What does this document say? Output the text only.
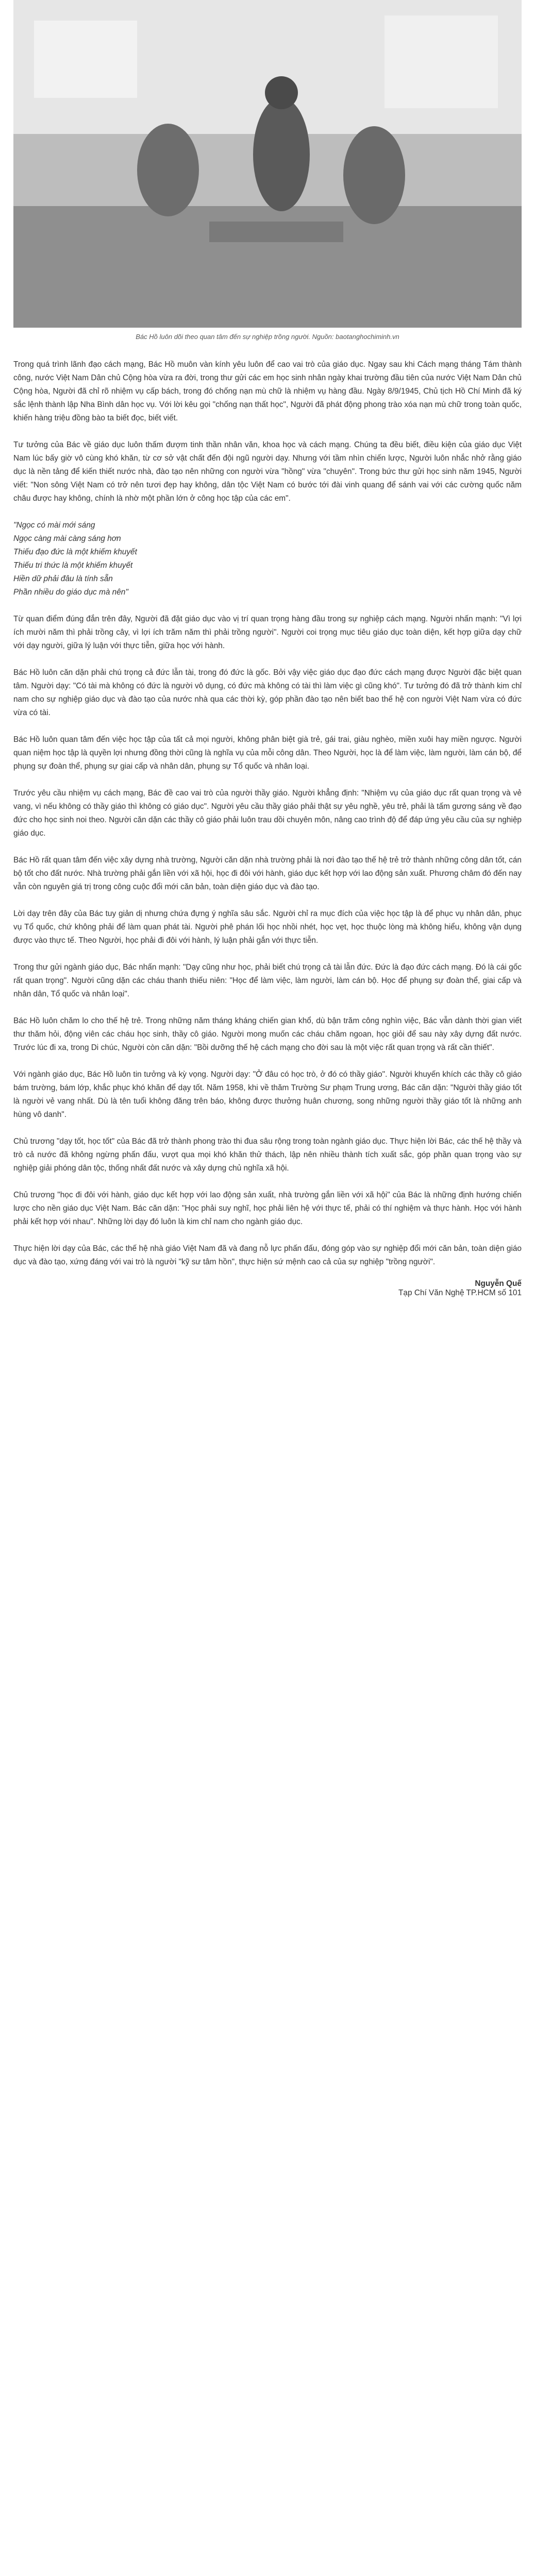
Bác Hồ luôn dõi theo quan tâm đến sự nghiệp trồng người. Nguồn: baotanghochiminh.vn

Trong quá trình lãnh đạo cách mạng, Bác Hồ muôn vàn kính yêu luôn để cao vai trò của giáo dục. Ngay sau khi Cách mạng tháng Tám thành công, nước Việt Nam Dân chủ Cộng hòa vừa ra đời, trong thư gửi các em học sinh nhân ngày khai trường đầu tiên của nước Việt Nam Dân chủ Cộng hòa, Người đã chỉ rõ nhiệm vụ cấp bách, trong đó chống nạn mù chữ là nhiệm vụ hàng đầu. Ngày 8/9/1945, Chủ tịch Hồ Chí Minh đã ký sắc lệnh thành lập Nha Bình dân học vụ. Với lời kêu gọi "chống nạn thất học", Người đã phát động phong trào xóa nạn mù chữ trong toàn quốc, khiến hàng triệu đồng bào ta biết đọc, biết viết.

Tư tưởng của Bác về giáo dục luôn thấm đượm tinh thần nhân văn, khoa học và cách mạng. Chúng ta đều biết, điều kiện của giáo dục Việt Nam lúc bấy giờ vô cùng khó khăn, từ cơ sở vật chất đến đội ngũ người dạy. Nhưng với tầm nhìn chiến lược, Người luôn nhắc nhở rằng giáo dục là nền tảng để kiến thiết nước nhà, đào tạo nên những con người vừa "hồng" vừa "chuyên". Trong bức thư gửi học sinh năm 1945, Người viết: "Non sông Việt Nam có trở nên tươi đẹp hay không, dân tộc Việt Nam có bước tới đài vinh quang để sánh vai với các cường quốc năm châu được hay không, chính là nhờ một phần lớn ở công học tập của các em".

"Ngọc có mài mới sáng
Ngọc càng mài càng sáng hơn
Thiếu đạo đức là một khiếm khuyết
Thiếu tri thức là một khiếm khuyết
Hiền dữ phải đâu là tính sẵn
Phần nhiều do giáo dục mà nên"

Từ quan điểm đúng đắn trên đây, Người đã đặt giáo dục vào vị trí quan trọng hàng đầu trong sự nghiệp cách mạng. Người nhấn mạnh: "Vì lợi ích mười năm thì phải trồng cây, vì lợi ích trăm năm thì phải trồng người". Người coi trọng mục tiêu giáo dục toàn diện, kết hợp giữa dạy chữ với dạy người, giữa lý luận với thực tiễn, giữa học với hành.

Bác Hồ luôn căn dặn phải chú trọng cả đức lẫn tài, trong đó đức là gốc. Bởi vậy việc giáo dục đạo đức cách mạng được Người đặc biệt quan tâm. Người dạy: "Có tài mà không có đức là người vô dụng, có đức mà không có tài thì làm việc gì cũng khó". Tư tưởng đó đã trở thành kim chỉ nam cho sự nghiệp giáo dục và đào tạo của nước nhà qua các thời kỳ, góp phần đào tạo nên biết bao thế hệ con người Việt Nam vừa có đức vừa có tài.

Bác Hồ luôn quan tâm đến việc học tập của tất cả mọi người, không phân biệt già trẻ, gái trai, giàu nghèo, miền xuôi hay miền ngược. Người quan niệm học tập là quyền lợi nhưng đồng thời cũng là nghĩa vụ của mỗi công dân. Theo Người, học là để làm việc, làm người, làm cán bộ, để phụng sự đoàn thể, phụng sự giai cấp và nhân dân, phụng sự Tổ quốc và nhân loại.

Trước yêu cầu nhiệm vụ cách mạng, Bác đề cao vai trò của người thầy giáo. Người khẳng định: "Nhiệm vụ của giáo dục rất quan trọng và vẻ vang, vì nếu không có thầy giáo thì không có giáo dục". Người yêu cầu thầy giáo phải thật sự yêu nghề, yêu trẻ, phải là tấm gương sáng về đạo đức cho học sinh noi theo. Người căn dặn các thầy cô giáo phải luôn trau dồi chuyên môn, nâng cao trình độ để đáp ứng yêu cầu của sự nghiệp giáo dục.

Bác Hồ rất quan tâm đến việc xây dựng nhà trường, Người căn dặn nhà trường phải là nơi đào tạo thế hệ trẻ trở thành những công dân tốt, cán bộ tốt cho đất nước. Nhà trường phải gắn liền với xã hội, học đi đôi với hành, giáo dục kết hợp với lao động sản xuất. Phương châm đó đến nay vẫn còn nguyên giá trị trong công cuộc đổi mới căn bản, toàn diện giáo dục và đào tạo.

Lời dạy trên đây của Bác tuy giản dị nhưng chứa đựng ý nghĩa sâu sắc. Người chỉ ra mục đích của việc học tập là để phục vụ nhân dân, phục vụ Tổ quốc, chứ không phải để làm quan phát tài. Người phê phán lối học nhồi nhét, học vẹt, học thuộc lòng mà không hiểu, không vận dụng được vào thực tế. Theo Người, học phải đi đôi với hành, lý luận phải gắn với thực tiễn.

Trong thư gửi ngành giáo dục, Bác nhấn mạnh: "Dạy cũng như học, phải biết chú trọng cả tài lẫn đức. Đức là đạo đức cách mạng. Đó là cái gốc rất quan trọng". Người cũng dặn các cháu thanh thiếu niên: "Học để làm việc, làm người, làm cán bộ. Học để phụng sự đoàn thể, giai cấp và nhân dân, Tổ quốc và nhân loại".

Bác Hồ luôn chăm lo cho thế hệ trẻ. Trong những năm tháng kháng chiến gian khổ, dù bận trăm công nghìn việc, Bác vẫn dành thời gian viết thư thăm hỏi, động viên các cháu học sinh, thầy cô giáo. Người mong muốn các cháu chăm ngoan, học giỏi để sau này xây dựng đất nước. Trước lúc đi xa, trong Di chúc, Người còn căn dặn: "Bồi dưỡng thế hệ cách mạng cho đời sau là một việc rất quan trọng và rất cần thiết".

Với ngành giáo dục, Bác Hồ luôn tin tưởng và kỳ vọng. Người dạy: "Ở đâu có học trò, ở đó có thầy giáo". Người khuyến khích các thầy cô giáo bám trường, bám lớp, khắc phục khó khăn để dạy tốt. Năm 1958, khi về thăm Trường Sư phạm Trung ương, Bác căn dặn: "Người thầy giáo tốt là người vẻ vang nhất. Dù là tên tuổi không đăng trên báo, không được thưởng huân chương, song những người thầy giáo tốt là những anh hùng vô danh".

Chủ trương "dạy tốt, học tốt" của Bác đã trở thành phong trào thi đua sâu rộng trong toàn ngành giáo dục. Thực hiện lời Bác, các thế hệ thầy và trò cả nước đã không ngừng phấn đấu, vượt qua mọi khó khăn thử thách, lập nên nhiều thành tích xuất sắc, góp phần quan trọng vào sự nghiệp giải phóng dân tộc, thống nhất đất nước và xây dựng chủ nghĩa xã hội.

Chủ trương "học đi đôi với hành, giáo dục kết hợp với lao động sản xuất, nhà trường gắn liền với xã hội" của Bác là những định hướng chiến lược cho nền giáo dục Việt Nam. Bác căn dặn: "Học phải suy nghĩ, học phải liên hệ với thực tế, phải có thí nghiệm và thực hành. Học với hành phải kết hợp với nhau". Những lời dạy đó luôn là kim chỉ nam cho ngành giáo dục.

Thực hiện lời dạy của Bác, các thế hệ nhà giáo Việt Nam đã và đang nỗ lực phấn đấu, đóng góp vào sự nghiệp đổi mới căn bản, toàn diện giáo dục và đào tạo, xứng đáng với vai trò là người "kỹ sư tâm hồn", thực hiện sứ mệnh cao cả của sự nghiệp "trồng người".

Nguyễn Quế
Tạp Chí Văn Nghệ TP.HCM số 101
